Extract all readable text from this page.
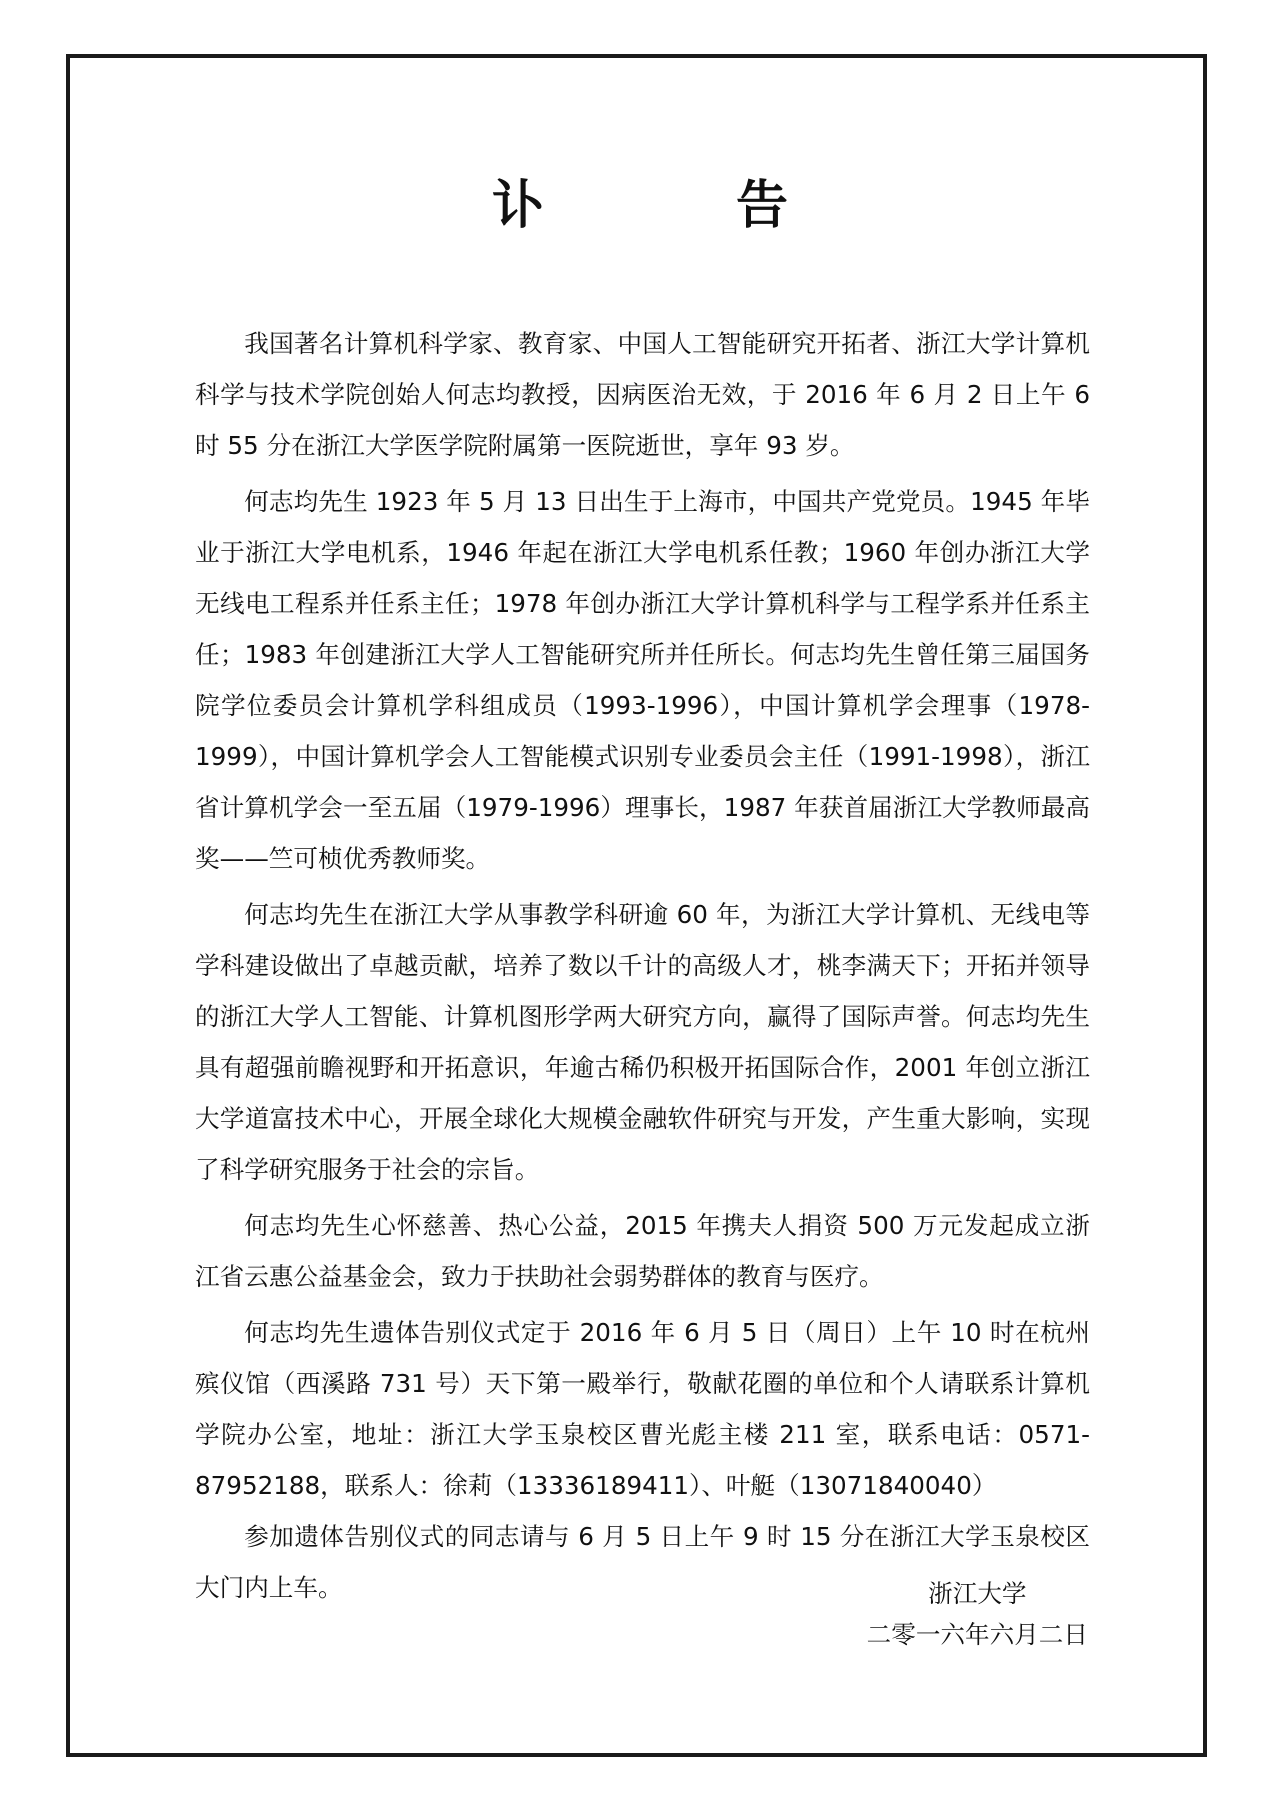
讣　告

我国著名计算机科学家、教育家、中国人工智能研究开拓者、浙江大学计算机科学与技术学院创始人何志均教授，因病医治无效，于 2016 年 6 月 2 日上午 6 时 55 分在浙江大学医学院附属第一医院逝世，享年 93 岁。

何志均先生 1923 年 5 月 13 日出生于上海市，中国共产党党员。1945 年毕业于浙江大学电机系，1946 年起在浙江大学电机系任教；1960 年创办浙江大学无线电工程系并任系主任；1978 年创办浙江大学计算机科学与工程学系并任系主任；1983 年创建浙江大学人工智能研究所并任所长。何志均先生曾任第三届国务院学位委员会计算机学科组成员（1993-1996），中国计算机学会理事（1978-1999），中国计算机学会人工智能模式识别专业委员会主任（1991-1998），浙江省计算机学会一至五届（1979-1996）理事长，1987 年获首届浙江大学教师最高奖——竺可桢优秀教师奖。

何志均先生在浙江大学从事教学科研逾 60 年，为浙江大学计算机、无线电等学科建设做出了卓越贡献，培养了数以千计的高级人才，桃李满天下；开拓并领导的浙江大学人工智能、计算机图形学两大研究方向，赢得了国际声誉。何志均先生具有超强前瞻视野和开拓意识，年逾古稀仍积极开拓国际合作，2001 年创立浙江大学道富技术中心，开展全球化大规模金融软件研究与开发，产生重大影响，实现了科学研究服务于社会的宗旨。

何志均先生心怀慈善、热心公益，2015 年携夫人捐资 500 万元发起成立浙江省云惠公益基金会，致力于扶助社会弱势群体的教育与医疗。

何志均先生遗体告别仪式定于 2016 年 6 月 5 日（周日）上午 10 时在杭州殡仪馆（西溪路 731 号）天下第一殿举行，敬献花圈的单位和个人请联系计算机学院办公室，地址：浙江大学玉泉校区曹光彪主楼 211 室，联系电话：0571-87952188，联系人：徐莉（13336189411）、叶艇（13071840040）

参加遗体告别仪式的同志请与 6 月 5 日上午 9 时 15 分在浙江大学玉泉校区大门内上车。	浙江大学
二零一六年六月二日
